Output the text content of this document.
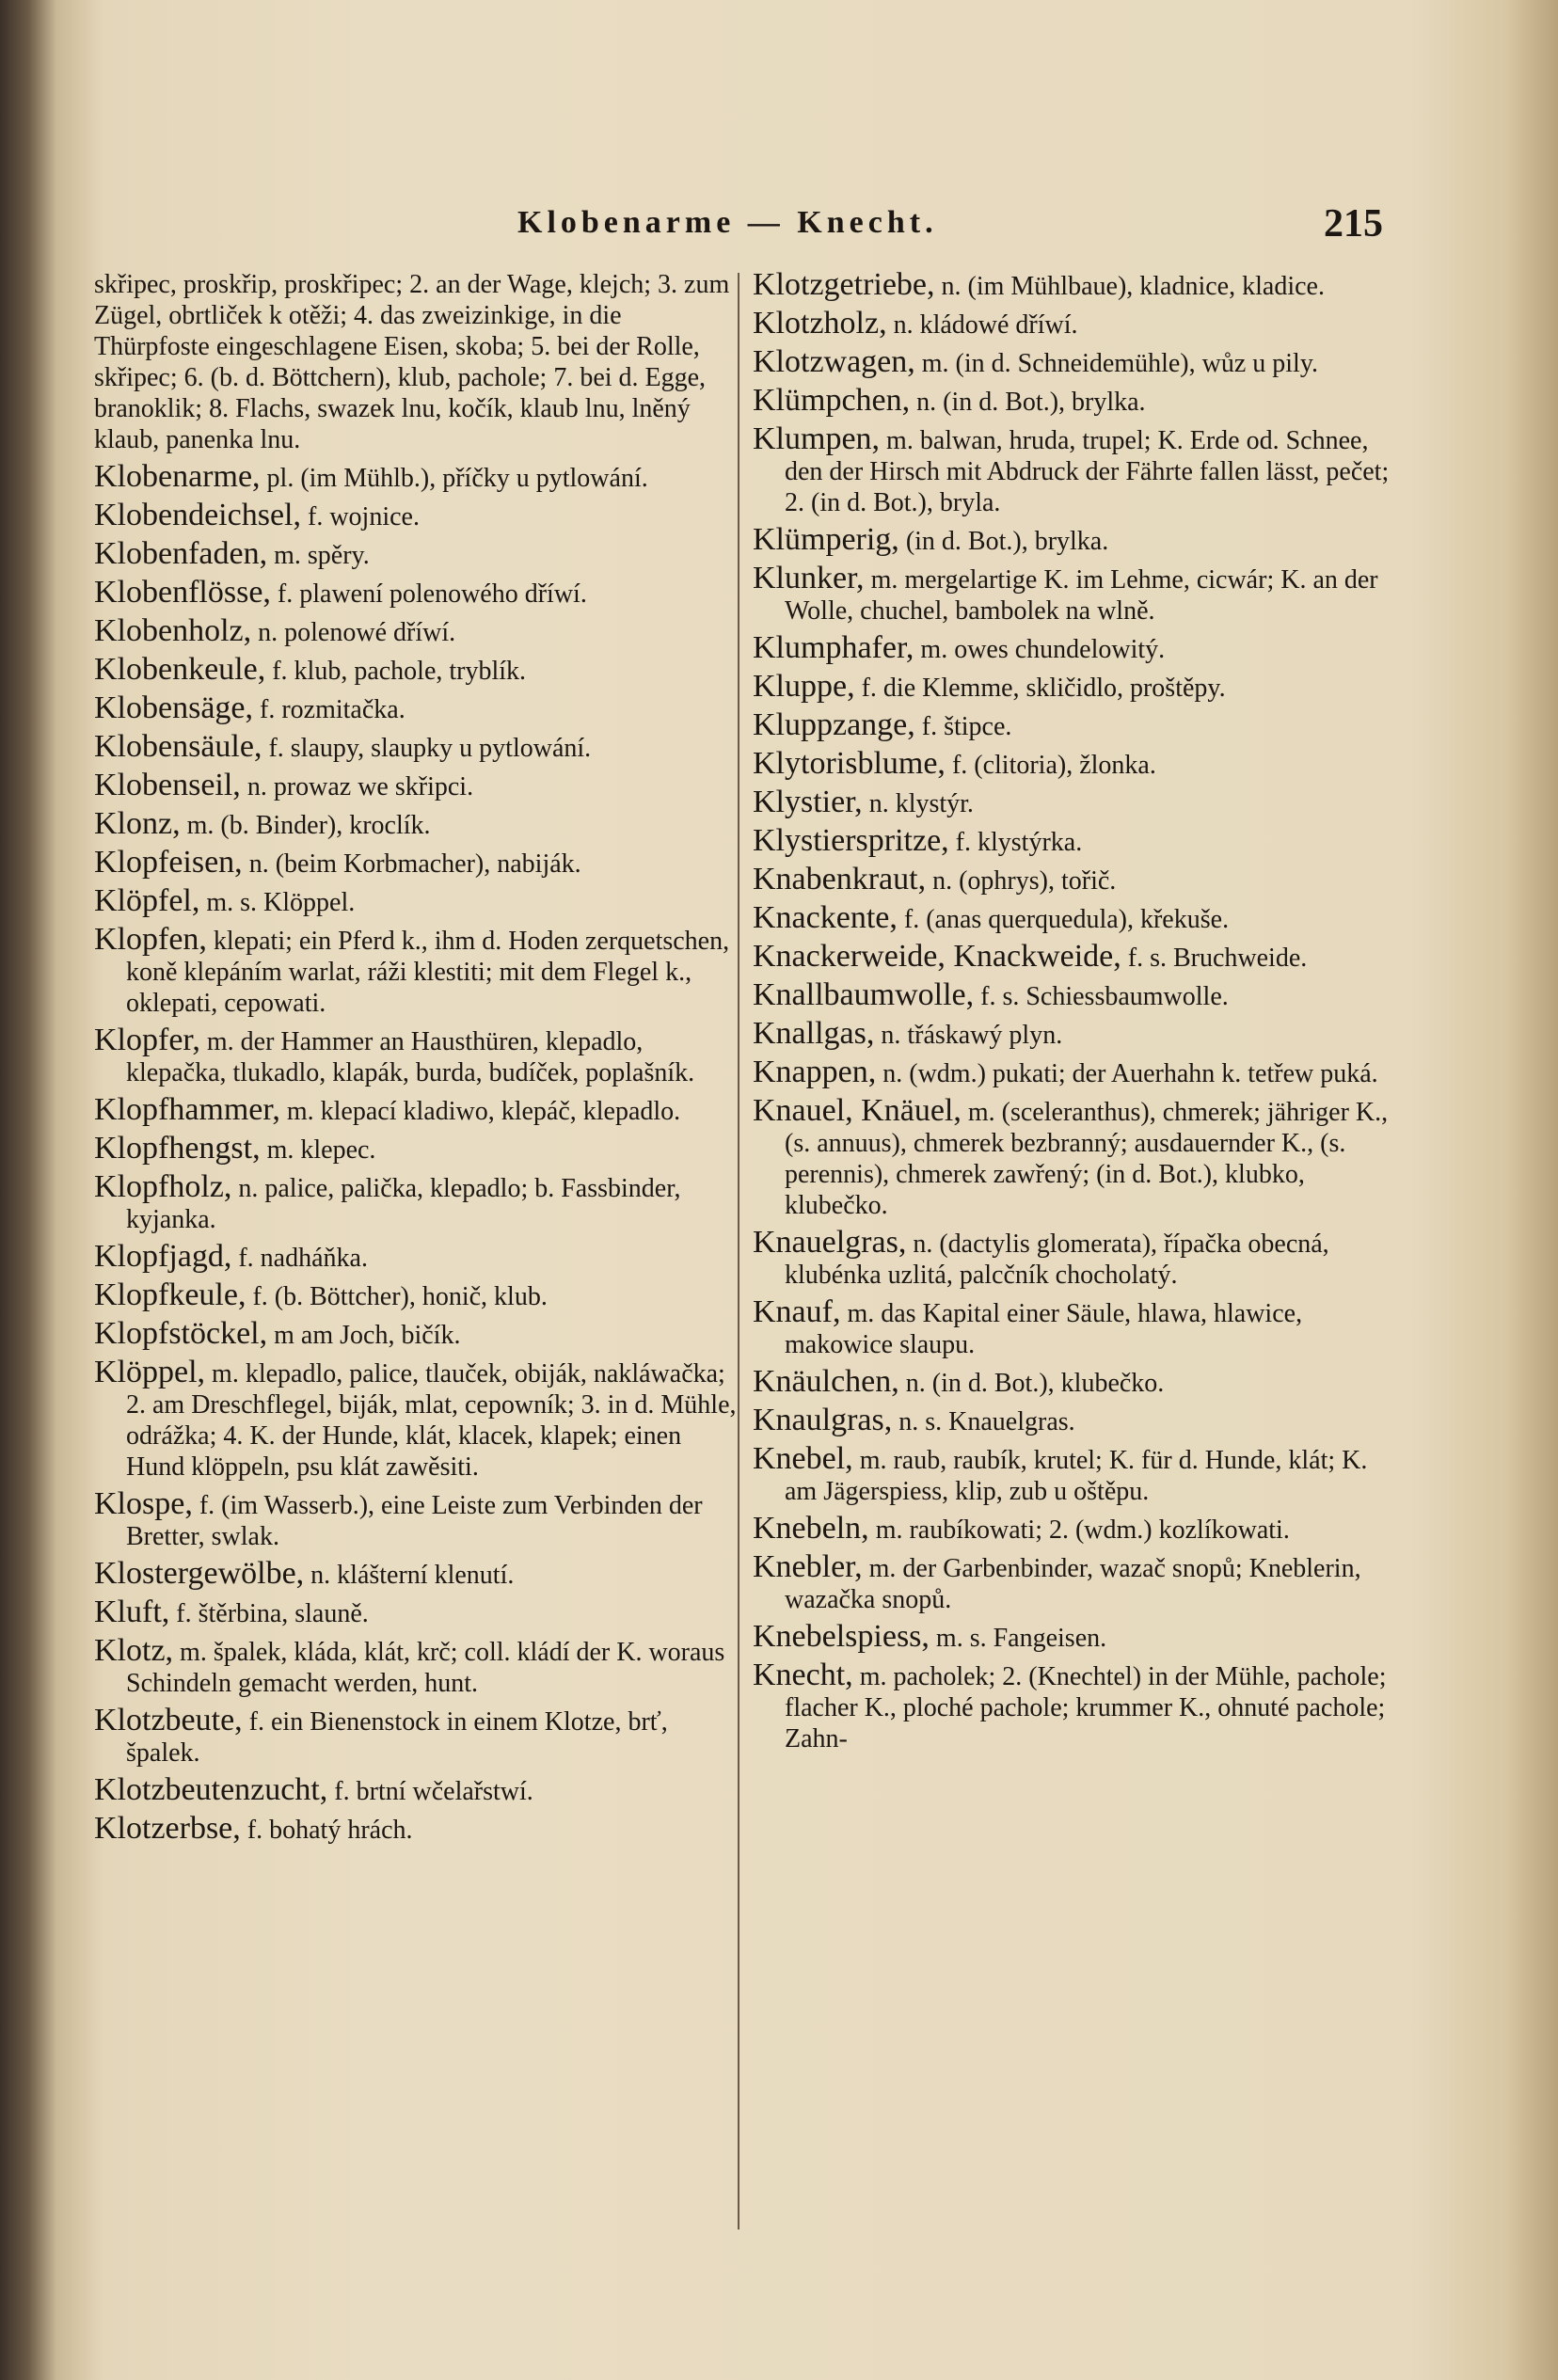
Klobenarme — Knecht.	215
skřipec, proskřip, proskřipec; 2. an der Wage, klejch; 3. zum Zügel, obrtliček k otěži; 4. das zweizinkige, in die Thürpfoste eingeschlagene Eisen, skoba; 5. bei der Rolle, skřipec; 6. (b. d. Böttchern), klub, pachole; 7. bei d. Egge, branoklik; 8. Flachs, swazek lnu, kočík, klaub lnu, lněný klaub, panenka lnu.
Klobenarme, pl. (im Mühlb.), příčky u pytlowání.
Klobendeichsel, f. wojnice.
Klobenfaden, m. spěry.
Klobenflösse, f. plawení polenowého dříwí.
Klobenholz, n. polenowé dříwí.
Klobenkeule, f. klub, pachole, tryblík.
Klobensäge, f. rozmitačka.
Klobensäule, f. slaupy, slaupky u pytlowání.
Klobenseil, n. prowaz we skřipci.
Klonz, m. (b. Binder), kroclík.
Klopfeisen, n. (beim Korbmacher), nabiják.
Klöpfel, m. s. Klöppel.
Klopfen, klepati; ein Pferd k., ihm d. Hoden zerquetschen, koně klepáním warlat, ráži klestiti; mit dem Flegel k., oklepati, cepowati.
Klopfer, m. der Hammer an Hausthüren, klepadlo, klepačka, tlukadlo, klapák, burda, budíček, poplašník.
Klopfhammer, m. klepací kladiwo, klepáč, klepadlo.
Klopfhengst, m. klepec.
Klopfholz, n. palice, palička, klepadlo; b. Fassbinder, kyjanka.
Klopfjagd, f. nadháňka.
Klopfkeule, f. (b. Böttcher), honič, klub.
Klopfstöckel, m am Joch, bičík.
Klöppel, m. klepadlo, palice, tlauček, obiják, nakláwačka; 2. am Dreschflegel, biják, mlat, cepowník; 3. in d. Mühle, odrážka; 4. K. der Hunde, klát, klacek, klapek; einen Hund klöppeln, psu klát zawěsiti.
Klospe, f. (im Wasserb.), eine Leiste zum Verbinden der Bretter, swlak.
Klostergewölbe, n. klášterní klenutí.
Kluft, f. štěrbina, slauně.
Klotz, m. špalek, kláda, klát, krč; coll. kládí der K. woraus Schindeln gemacht werden, hunt.
Klotzbeute, f. ein Bienenstock in einem Klotze, brť, špalek.
Klotzbeutenzucht, f. brtní wčelařstwí.
Klotzerbse, f. bohatý hrách.
Klotzgetriebe, n. (im Mühlbaue), kladnice, kladice.
Klotzholz, n. kládowé dříwí.
Klotzwagen, m. (in d. Schneidemühle), wůz u pily.
Klümpchen, n. (in d. Bot.), brylka.
Klumpen, m. balwan, hruda, trupel; K. Erde od. Schnee, den der Hirsch mit Abdruck der Fährte fallen lässt, pečet; 2. (in d. Bot.), bryla.
Klümperig, (in d. Bot.), brylka.
Klunker, m. mergelartige K. im Lehme, cicwár; K. an der Wolle, chuchel, bambolek na wlně.
Klumphafer, m. owes chundelowitý.
Kluppe, f. die Klemme, skličidlo, proštěpy.
Kluppzange, f. štipce.
Klytorisblume, f. (clitoria), žlonka.
Klystier, n. klystýr.
Klystierspritze, f. klystýrka.
Knabenkraut, n. (ophrys), tořič.
Knackente, f. (anas querquedula), křekuše.
Knackerweide, Knackweide, f. s. Bruchweide.
Knallbaumwolle, f. s. Schiessbaumwolle.
Knallgas, n. třáskawý plyn.
Knappen, n. (wdm.) pukati; der Auerhahn k. tetřew puká.
Knauel, Knäuel, m. (sceleranthus), chmerek; jähriger K., (s. annuus), chmerek bezbranný; ausdauernder K., (s. perennis), chmerek zawřený; (in d. Bot.), klubko, klubečko.
Knauelgras, n. (dactylis glomerata), řípačka obecná, klubénka uzlitá, palcčník chocholatý.
Knauf, m. das Kapital einer Säule, hlawa, hlawice, makowice slaupu.
Knäulchen, n. (in d. Bot.), klubečko.
Knaulgras, n. s. Knauelgras.
Knebel, m. raub, raubík, krutel; K. für d. Hunde, klát; K. am Jägerspiess, klip, zub u oštěpu.
Knebeln, m. raubíkowati; 2. (wdm.) kozlíkowati.
Knebler, m. der Garbenbinder, wazač snopů; Kneblerin, wazačka snopů.
Knebelspiess, m. s. Fangeisen.
Knecht, m. pacholek; 2. (Knechtel) in der Mühle, pachole; flacher K., ploché pachole; krummer K., ohnuté pachole; Zahn-
